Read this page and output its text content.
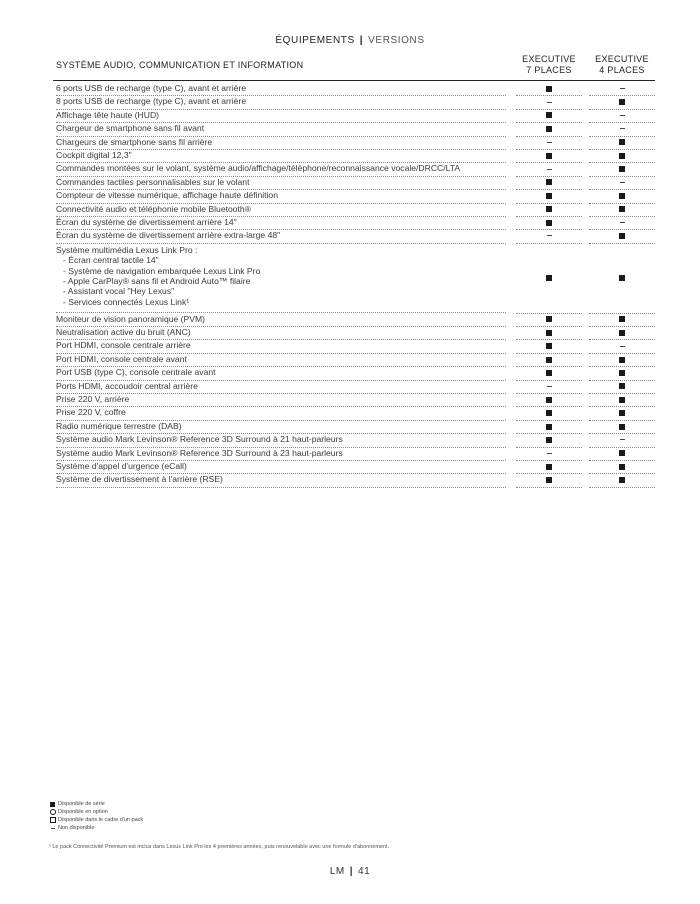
ÉQUIPEMENTS | VERSIONS
SYSTÈME AUDIO, COMMUNICATION ET INFORMATION
EXECUTIVE
7 PLACES
EXECUTIVE
4 PLACES
6 ports USB de recharge (type C), avant et arrière
8 ports USB de recharge (type C), avant et arrière
Affichage tête haute (HUD)
Chargeur de smartphone sans fil avant
Chargeurs de smartphone sans fil arrière
Cockpit digital 12,3"
Commandes montées sur le volant, système audio/affichage/téléphone/reconnaissance vocale/DRCC/LTA
Commandes tactiles personnalisables sur le volant
Compteur de vitesse numérique, affichage haute définition
Connectivité audio et téléphonie mobile Bluetooth®
Écran du système de divertissement arrière 14"
Écran du système de divertissement arrière extra-large 48"
Système multimédia Lexus Link Pro :
- Écran central tactile 14"
- Système de navigation embarquée Lexus Link Pro
- Apple CarPlay® sans fil et Android Auto™ filaire
- Assistant vocal "Hey Lexus"
- Services connectés Lexus Link¹
Moniteur de vision panoramique (PVM)
Neutralisation active du bruit (ANC)
Port HDMI, console centrale arrière
Port HDMI, console centrale avant
Port USB (type C), console centrale avant
Ports HDMI, accoudoir central arrière
Prise 220 V, arrière
Prise 220 V, coffre
Radio numérique terrestre (DAB)
Système audio Mark Levinson® Reference 3D Surround à 21 haut-parleurs
Système audio Mark Levinson® Reference 3D Surround à 23 haut-parleurs
Système d'appel d'urgence (eCall)
Système de divertissement à l'arrière (RSE)
Disponible de série
Disponible en option
Disponible dans le cadre d'un pack
Non disponible
¹ Le pack Connectivité Premium est inclus dans Lexus Link Pro les 4 premières années, puis renouvelable avec une formule d'abonnement.
LM | 41
